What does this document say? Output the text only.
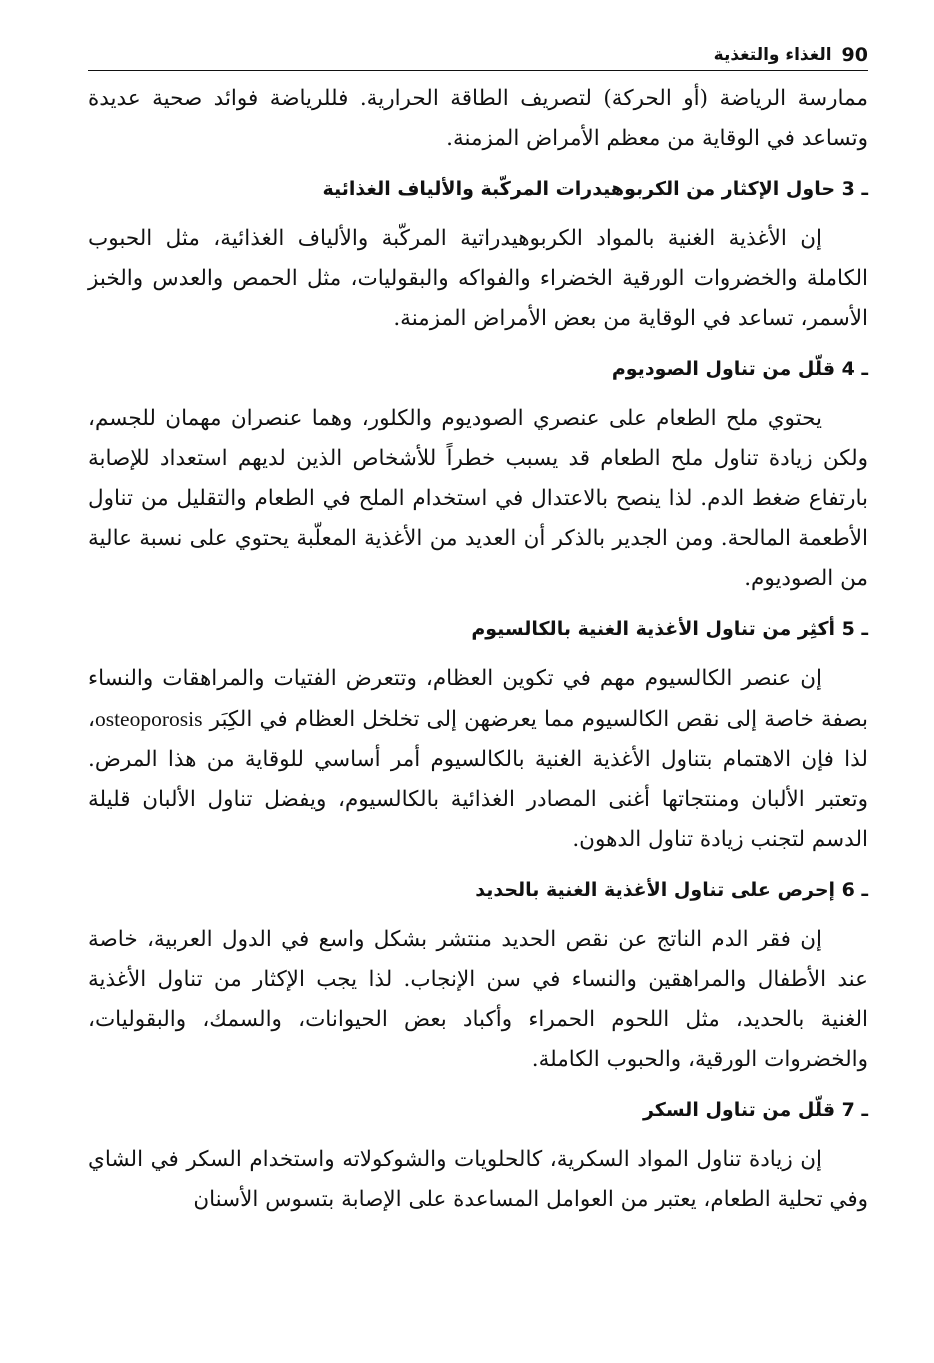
90
الغذاء والتغذية

ممارسة الرياضة (أو الحركة) لتصريف الطاقة الحرارية. فللرياضة فوائد صحية عديدة وتساعد في الوقاية من معظم الأمراض المزمنة.

3 ـ حاول الإكثار من الكربوهيدرات المركّبة والألياف الغذائية

إن الأغذية الغنية بالمواد الكربوهيدراتية المركّبة والألياف الغذائية، مثل الحبوب الكاملة والخضروات الورقية الخضراء والفواكه والبقوليات، مثل الحمص والعدس والخبز الأسمر، تساعد في الوقاية من بعض الأمراض المزمنة.

4 ـ قلّل من تناول الصوديوم

يحتوي ملح الطعام على عنصري الصوديوم والكلور، وهما عنصران مهمان للجسم، ولكن زيادة تناول ملح الطعام قد يسبب خطراً للأشخاص الذين لديهم استعداد للإصابة بارتفاع ضغط الدم. لذا ينصح بالاعتدال في استخدام الملح في الطعام والتقليل من تناول الأطعمة المالحة. ومن الجدير بالذكر أن العديد من الأغذية المعلّبة يحتوي على نسبة عالية من الصوديوم.

5 ـ أكثِر من تناول الأغذية الغنية بالكالسيوم

إن عنصر الكالسيوم مهم في تكوين العظام، وتتعرض الفتيات والمراهقات والنساء بصفة خاصة إلى نقص الكالسيوم مما يعرضهن إلى تخلخل العظام في الكِبَر osteoporosis، لذا فإن الاهتمام بتناول الأغذية الغنية بالكالسيوم أمر أساسي للوقاية من هذا المرض. وتعتبر الألبان ومنتجاتها أغنى المصادر الغذائية بالكالسيوم، ويفضل تناول الألبان قليلة الدسم لتجنب زيادة تناول الدهون.

6 ـ إحرص على تناول الأغذية الغنية بالحديد

إن فقر الدم الناتج عن نقص الحديد منتشر بشكل واسع في الدول العربية، خاصة عند الأطفال والمراهقين والنساء في سن الإنجاب. لذا يجب الإكثار من تناول الأغذية الغنية بالحديد، مثل اللحوم الحمراء وأكباد بعض الحيوانات، والسمك، والبقوليات، والخضروات الورقية، والحبوب الكاملة.

7 ـ قلّل من تناول السكر

إن زيادة تناول المواد السكرية، كالحلويات والشوكولاته واستخدام السكر في الشاي وفي تحلية الطعام، يعتبر من العوامل المساعدة على الإصابة بتسوس الأسنان
